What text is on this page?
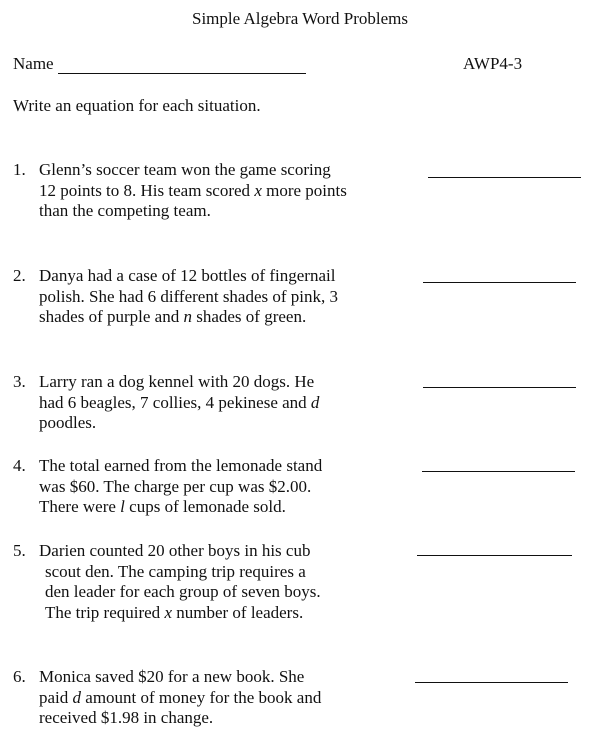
Simple Algebra Word Problems
Name	AWP4-3
Write an equation for each situation.
1. Glenn’s soccer team won the game scoring
12 points to 8. His team scored x more points
than the competing team.
2. Danya had a case of 12 bottles of fingernail
polish. She had 6 different shades of pink, 3
shades of purple and n shades of green.
3. Larry ran a dog kennel with 20 dogs. He
had 6 beagles, 7 collies, 4 pekinese and d
poodles.
4. The total earned from the lemonade stand
was $60. The charge per cup was $2.00.
There were l cups of lemonade sold.
5. Darien counted 20 other boys in his cub
scout den. The camping trip requires a
den leader for each group of seven boys.
The trip required x number of leaders.
6. Monica saved $20 for a new book. She
paid d amount of money for the book and
received $1.98 in change.
